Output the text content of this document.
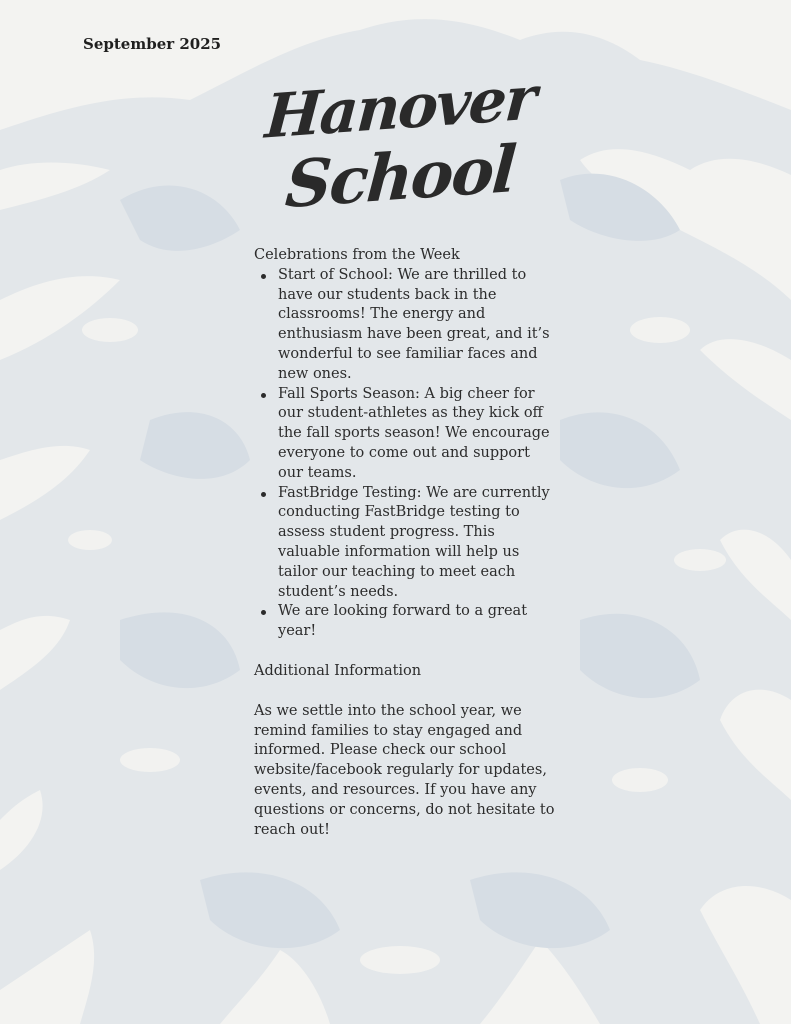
September 2025
Hanover
School
Celebrations from the Week
Start of School: We are thrilled to have our students back in the classrooms! The energy and enthusiasm have been great, and it’s wonderful to see familiar faces and new ones.
Fall Sports Season: A big cheer for our student-athletes as they kick off the fall sports season! We encourage everyone to come out and support our teams.
FastBridge Testing: We are currently conducting FastBridge testing to assess student progress. This valuable information will help us tailor our teaching to meet each student’s needs.
We are looking forward to a great year!
Additional Information

As we settle into the school year, we remind families to stay engaged and informed. Please check our school website/facebook regularly for updates, events, and resources. If you have any questions or concerns, do not hesitate to reach out!
